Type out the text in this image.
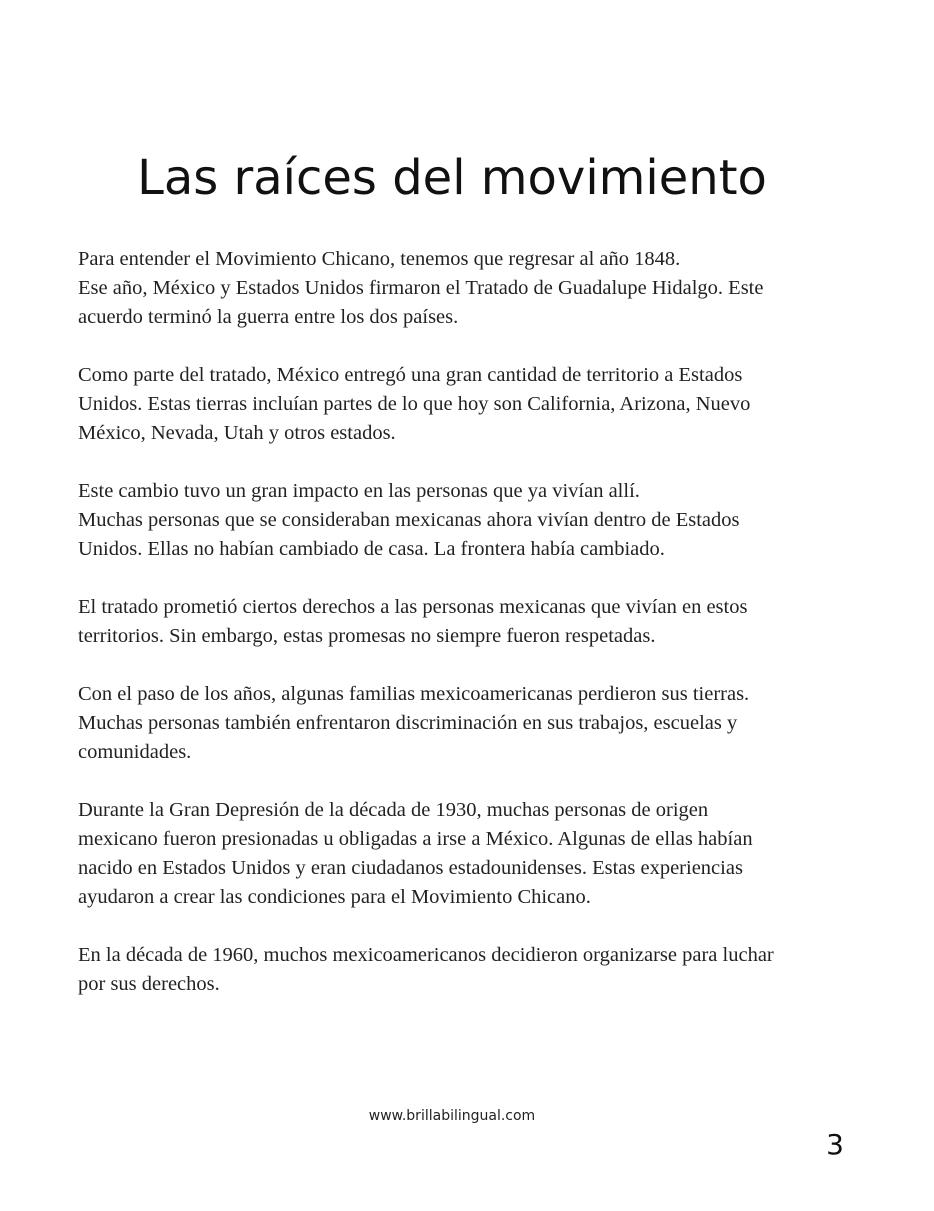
Las raíces del movimiento

Para entender el Movimiento Chicano, tenemos que regresar al año 1848.
Ese año, México y Estados Unidos firmaron el Tratado de Guadalupe Hidalgo. Este
acuerdo terminó la guerra entre los dos países.

Como parte del tratado, México entregó una gran cantidad de territorio a Estados
Unidos. Estas tierras incluían partes de lo que hoy son California, Arizona, Nuevo
México, Nevada, Utah y otros estados.

Este cambio tuvo un gran impacto en las personas que ya vivían allí.
Muchas personas que se consideraban mexicanas ahora vivían dentro de Estados
Unidos. Ellas no habían cambiado de casa. La frontera había cambiado.

El tratado prometió ciertos derechos a las personas mexicanas que vivían en estos
territorios. Sin embargo, estas promesas no siempre fueron respetadas.

Con el paso de los años, algunas familias mexicoamericanas perdieron sus tierras.
Muchas personas también enfrentaron discriminación en sus trabajos, escuelas y
comunidades.

Durante la Gran Depresión de la década de 1930, muchas personas de origen
mexicano fueron presionadas u obligadas a irse a México. Algunas de ellas habían
nacido en Estados Unidos y eran ciudadanos estadounidenses. Estas experiencias
ayudaron a crear las condiciones para el Movimiento Chicano.

En la década de 1960, muchos mexicoamericanos decidieron organizarse para luchar
por sus derechos.

www.brillabilingual.com
3
